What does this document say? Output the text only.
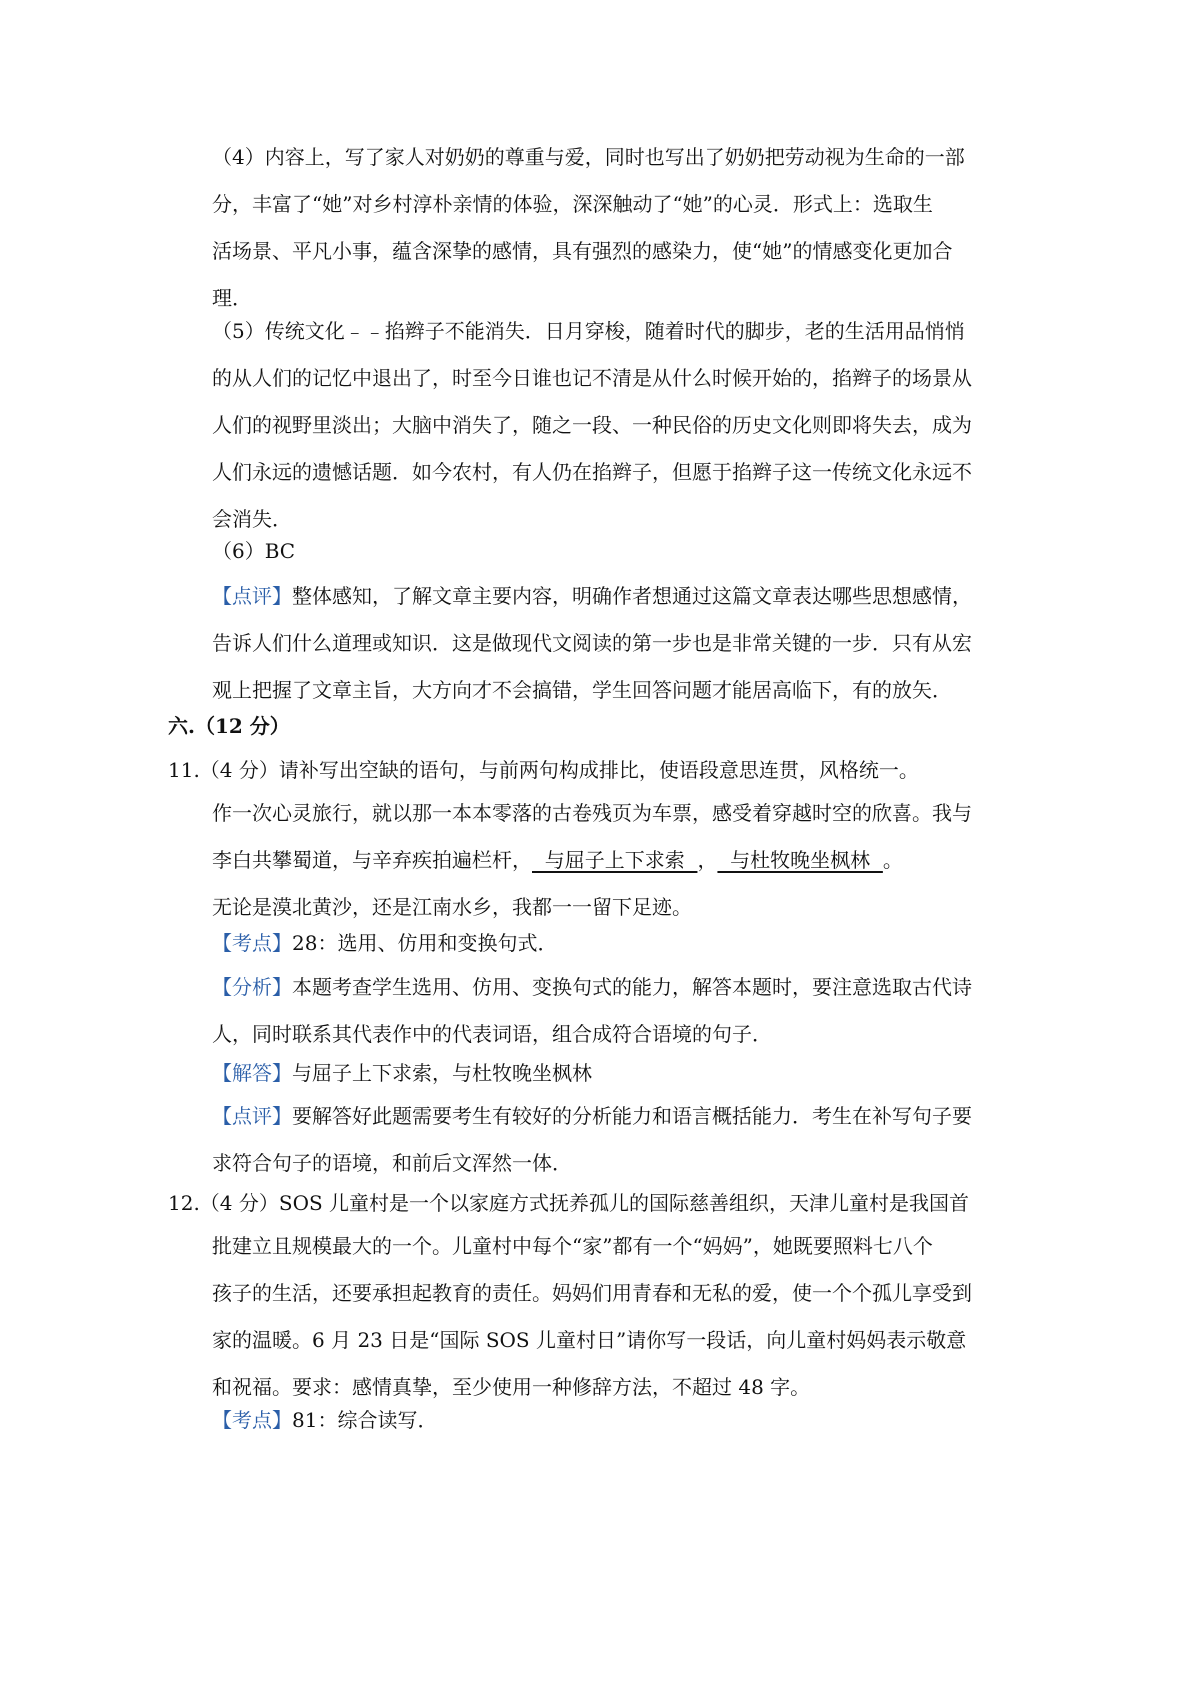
（4）内容上，写了家人对奶奶的尊重与爱，同时也写出了奶奶把劳动视为生命的一部
分，丰富了“她”对乡村淳朴亲情的体验，深深触动了“她”的心灵．形式上：选取生
活场景、平凡小事，蕴含深挚的感情，具有强烈的感染力，使“她”的情感变化更加合
理．
（5）传统文化﹣﹣掐辫子不能消失．日月穿梭，随着时代的脚步，老的生活用品悄悄
的从人们的记忆中退出了，时至今日谁也记不清是从什么时候开始的，掐辫子的场景从
人们的视野里淡出；大脑中消失了，随之一段、一种民俗的历史文化则即将失去，成为
人们永远的遗憾话题．如今农村，有人仍在掐辫子，但愿于掐辫子这一传统文化永远不
会消失．
（6）BC
【点评】整体感知，了解文章主要内容，明确作者想通过这篇文章表达哪些思想感情，
告诉人们什么道理或知识．这是做现代文阅读的第一步也是非常关键的一步．只有从宏
观上把握了文章主旨，大方向才不会搞错，学生回答问题才能居高临下，有的放矢．
六.（12 分）
11.（4 分）请补写出空缺的语句，与前两句构成排比，使语段意思连贯，风格统一。
作一次心灵旅行，就以那一本本零落的古卷残页为车票，感受着穿越时空的欣喜。我与
李白共攀蜀道，与辛弃疾拍遍栏杆，  与屈子上下求索  ，  与杜牧晚坐枫林  。
无论是漠北黄沙，还是江南水乡，我都一一留下足迹。
【考点】28：选用、仿用和变换句式．
【分析】本题考查学生选用、仿用、变换句式的能力，解答本题时，要注意选取古代诗
人，同时联系其代表作中的代表词语，组合成符合语境的句子．
【解答】与屈子上下求索，与杜牧晚坐枫林
【点评】要解答好此题需要考生有较好的分析能力和语言概括能力．考生在补写句子要
求符合句子的语境，和前后文浑然一体．
12.（4 分）SOS 儿童村是一个以家庭方式抚养孤儿的国际慈善组织，天津儿童村是我国首
批建立且规模最大的一个。儿童村中每个“家”都有一个“妈妈”，她既要照料七八个
孩子的生活，还要承担起教育的责任。妈妈们用青春和无私的爱，使一个个孤儿享受到
家的温暖。6 月 23 日是“国际 SOS 儿童村日”请你写一段话，向儿童村妈妈表示敬意
和祝福。要求：感情真挚，至少使用一种修辞方法，不超过 48 字。
【考点】81：综合读写．
